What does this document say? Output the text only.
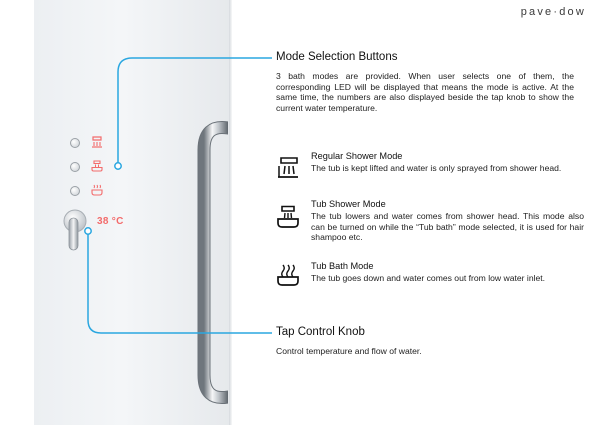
38 °C
pave·dow
Mode Selection Buttons
3 bath modes are provided. When user selects one of them, the corresponding LED will be displayed that means the mode is active. At the same time, the numbers are also displayed beside the tap knob to show the current water temperature.
Regular Shower Mode
The tub is kept lifted and water is only sprayed from shower head.
Tub Shower Mode
The tub lowers and water comes from shower head. This mode also can be turned on while the “Tub bath” mode selected, it is used for hair shampoo etc.
Tub Bath Mode
The tub goes down and water comes out from low water inlet.
Tap Control Knob
Control temperature and flow of water.
